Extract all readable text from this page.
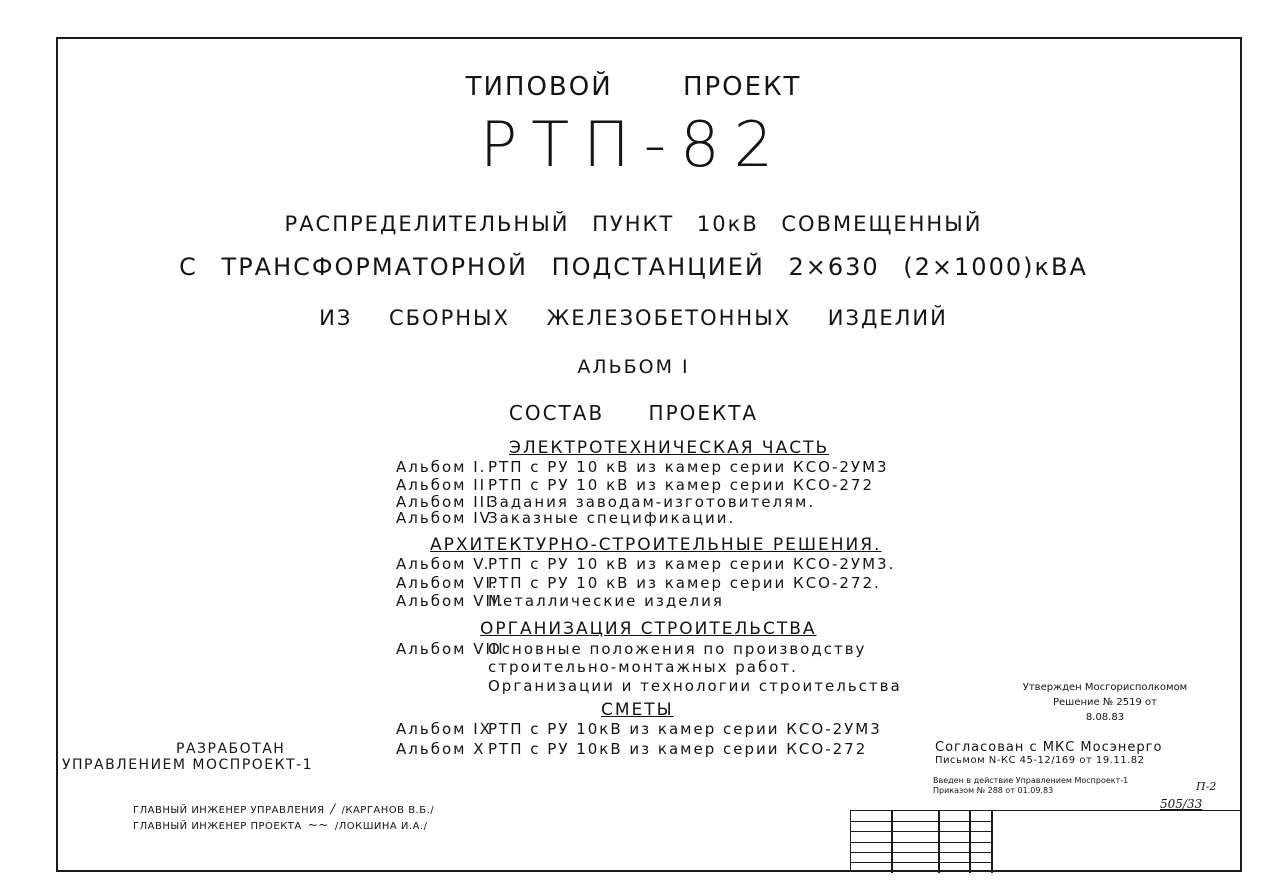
ТИПОВОЙ ПРОЕКТ
РТП-82
РАСПРЕДЕЛИТЕЛЬНЫЙ ПУНКТ 10кВ СОВМЕЩЕННЫЙ
С ТРАНСФОРМАТОРНОЙ ПОДСТАНЦИЕЙ 2×630 (2×1000)кВА
ИЗ СБОРНЫХ ЖЕЛЕЗОБЕТОННЫХ ИЗДЕЛИЙ
АЛЬБОМ I
СОСТАВ ПРОЕКТА
ЭЛЕКТРОТЕХНИЧЕСКАЯ ЧАСТЬ
Альбом I. РТП с РУ 10 кВ из камер серии КСО-2УМ3
Альбом II РТП с РУ 10 кВ из камер серии КСО-272
Альбом IIIЗадания заводам-изготовителям.
Альбом IVЗаказные спецификации.
АРХИТЕКТУРНО-СТРОИТЕЛЬНЫЕ РЕШЕНИЯ.
Альбом V.РТП с РУ 10 кВ из камер серии КСО-2УМ3.
Альбом VI.РТП с РУ 10 кВ из камер серии КСО-272.
Альбом VII.Металлические изделия
ОРГАНИЗАЦИЯ СТРОИТЕЛЬСТВА
Альбом VIIIОсновные положения по производству
строительно-монтажных работ.
Организации и технологии строительства
СМЕТЫ
Альбом IXРТП с РУ 10кВ из камер серии КСО-2УМ3
Альбом X РТП с РУ 10кВ из камер серии КСО-272
РАЗРАБОТАН
УПРАВЛЕНИЕМ МОСПРОЕКТ-1
ГЛАВНЫЙ ИНЖЕНЕР УПРАВЛЕНИЯ / /КАРГАНОВ В.Б./
ГЛАВНЫЙ ИНЖЕНЕР ПРОЕКТА ~~ /ЛОКШИНА И.А./
Утвержден Мосгорисполкомом
Решение № 2519 от
8.08.83
Согласован с МКС Мосэнерго
Письмом N-КС 45-12/169 от 19.11.82
Введен в действие Управлением Моспроект-1
Приказом № 288 от 01.09.83	П-2
505/33
